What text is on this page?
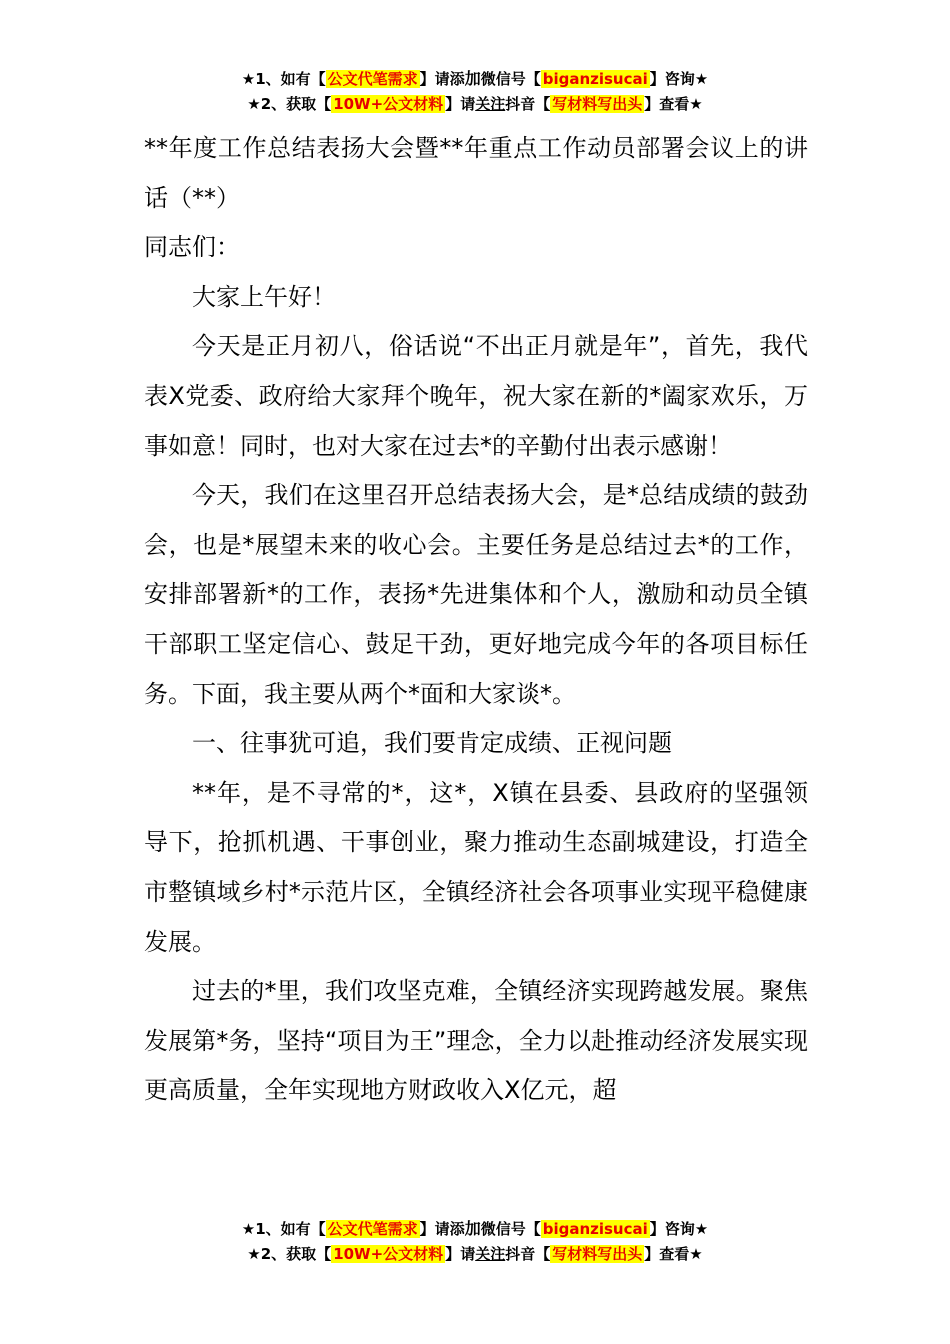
★1、如有【 公文代笔需求 】请添加微信号【 biganzisucai 】咨询★
★2、获取【 10W+公文材料 】请关注抖音【 写材料写出头 】查看★

**年度工作总结表扬大会暨**年重点工作动员部署会议上的讲话（**）

同志们：

大家上午好！

今天是正月初八，俗话说“不出正月就是年”，首先，我代表X党委、政府给大家拜个晚年，祝大家在新的*阖家欢乐，万事如意！同时，也对大家在过去*的辛勤付出表示感谢！

今天，我们在这里召开总结表扬大会，是*总结成绩的鼓劲会，也是*展望未来的收心会。主要任务是总结过去*的工作，安排部署新*的工作，表扬*先进集体和个人，激励和动员全镇干部职工坚定信心、鼓足干劲，更好地完成今年的各项目标任务。下面，我主要从两个*面和大家谈*。

一、往事犹可追，我们要肯定成绩、正视问题

**年，是不寻常的*，这*，X镇在县委、县政府的坚强领导下，抢抓机遇、干事创业，聚力推动生态副城建设，打造全市整镇域乡村*示范片区，全镇经济社会各项事业实现平稳健康发展。

过去的*里，我们攻坚克难，全镇经济实现跨越发展。聚焦发展第*务，坚持“项目为王”理念，全力以赴推动经济发展实现更高质量，全年实现地方财政收入X亿元，超

★1、如有【 公文代笔需求 】请添加微信号【 biganzisucai 】咨询★
★2、获取【 10W+公文材料 】请关注抖音【 写材料写出头 】查看★
